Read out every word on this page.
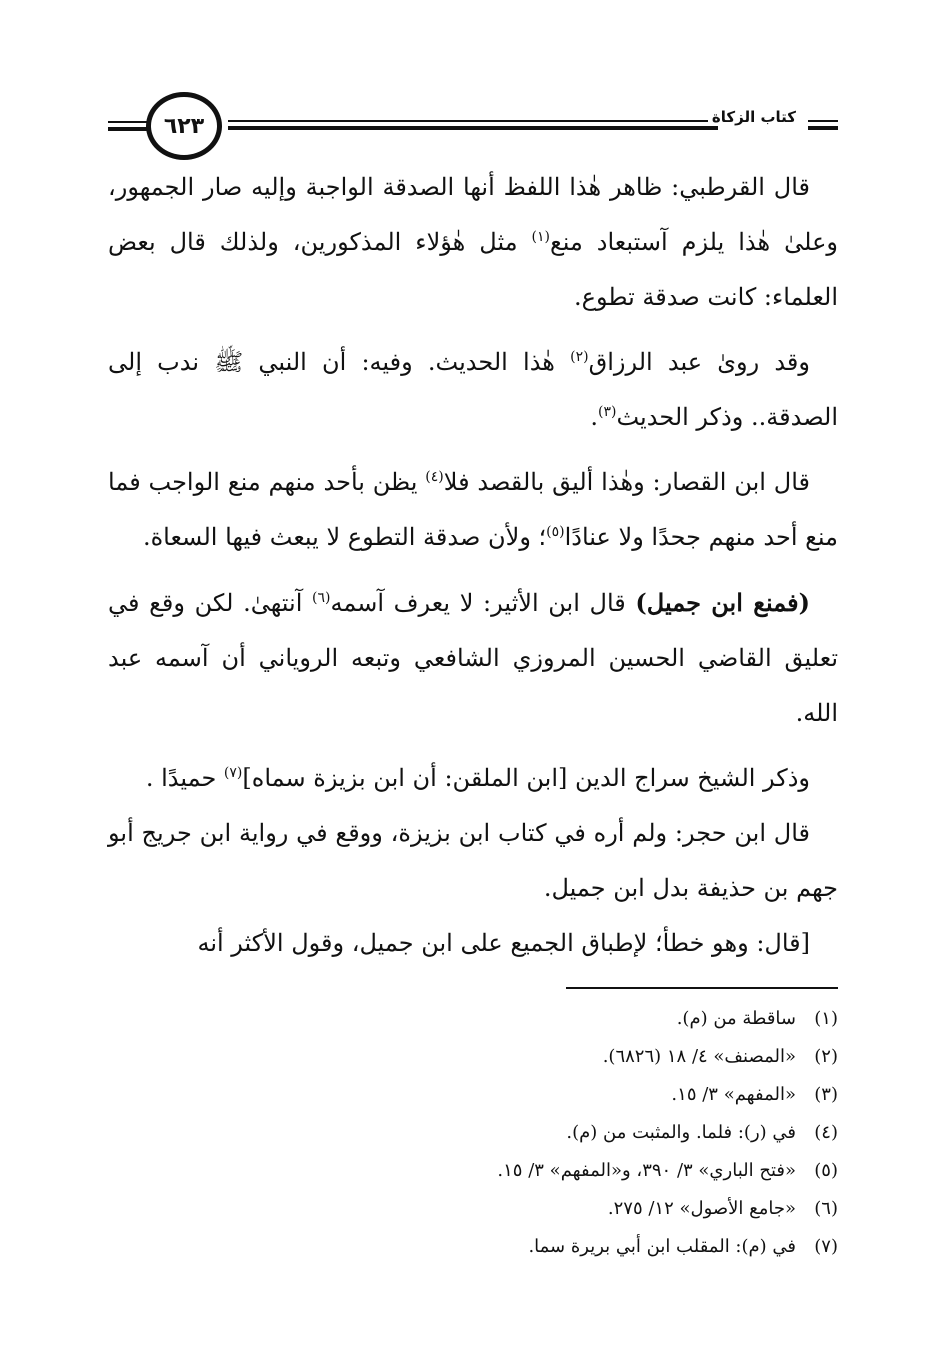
٦٢٣	كتاب الزكاة

قال القرطبي: ظاهر هٰذا اللفظ أنها الصدقة الواجبة وإليه صار الجمهور، وعلىٰ هٰذا يلزم آستبعاد منع$^{(١)}$ مثل هٰؤلاء المذكورين، ولذلك قال بعض العلماء: كانت صدقة تطوع.

وقد روىٰ عبد الرزاق$^{(٢)}$ هٰذا الحديث. وفيه: أن النبي ﷺ ندب إلى الصدقة.. وذكر الحديث$^{(٣)}$.

قال ابن القصار: وهٰذا أليق بالقصد فلا$^{(٤)}$ يظن بأحد منهم منع الواجب فما منع أحد منهم جحدًا ولا عنادًا$^{(٥)}$؛ ولأن صدقة التطوع لا يبعث فيها السعاة.

(فمنع ابن جميل) قال ابن الأثير: لا يعرف آسمه$^{(٦)}$ آنتهىٰ. لكن وقع في تعليق القاضي الحسين المروزي الشافعي وتبعه الروياني أن آسمه عبد الله.

وذكر الشيخ سراج الدين [ابن الملقن: أن ابن بزيزة سماه]$^{(٧)}$ حميدًا .

قال ابن حجر: ولم أره في كتاب ابن بزيزة، ووقع في رواية ابن جريج أبو جهم بن حذيفة بدل ابن جميل.

[قال: وهو خطأ؛ لإطباق الجميع على ابن جميل، وقول الأكثر أنه

(١)
ساقطة من (م).
(٢)
«المصنف» ٤/ ١٨ (٦٨٢٦).
(٣)
«المفهم» ٣/ ١٥.
(٤)
في (ر): فلما. والمثبت من (م).
(٥)
«فتح الباري» ٣/ ٣٩٠، و«المفهم» ٣/ ١٥.
(٦)
«جامع الأصول» ١٢/ ٢٧٥.
(٧)
في (م): المقلب ابن أبي بريرة سما.
